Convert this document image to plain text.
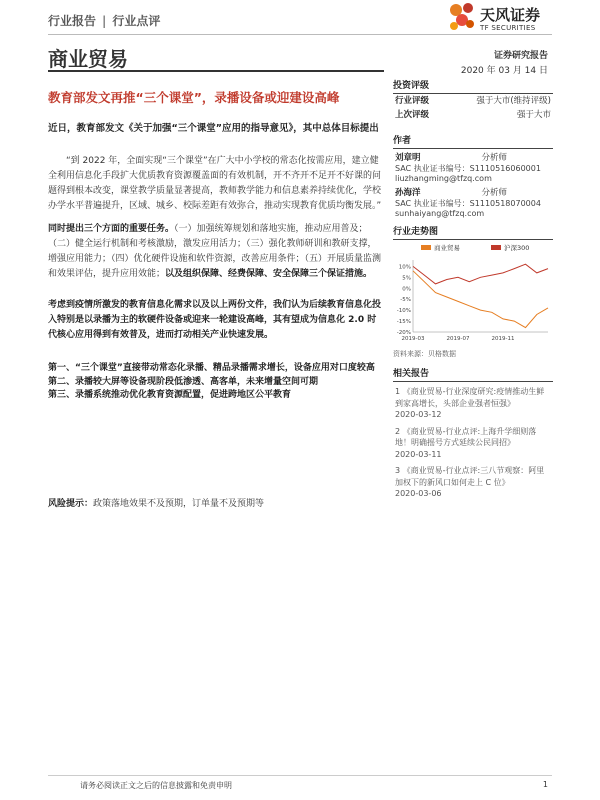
行业报告 | 行业点评	天风证券
TF SECURITIES
商业贸易	证券研究报告
2020 年 03 月 14 日
教育部发文再推“三个课堂”，录播设备或迎建设高峰
近日，教育部发文《关于加强“三个课堂”应用的指导意见》，其中总体目标提出
“到 2022 年，全面实现“三个课堂”在广大中小学校的常态化按需应用，建立健全利用信息化手段扩大优质教育资源覆盖面的有效机制，开不齐开不足开不好课的问题得到根本改变，课堂教学质量显著提高，教师教学能力和信息素养持续优化，学校办学水平普遍提升，区域、城乡、校际差距有效弥合，推动实现教育优质均衡发展。”
同时提出三个方面的重要任务。（一）加强统筹规划和落地实施，推动应用普及；（二）健全运行机制和考核激励，激发应用活力；（三）强化教师研训和教研支撑，增强应用能力；（四）优化硬件设施和软件资源，改善应用条件；（五）开展质量监测和效果评估，提升应用效能；以及组织保障、经费保障、安全保障三个保证措施。
考虑到疫情所激发的教育信息化需求以及以上两份文件，我们认为后续教育信息化投入特别是以录播为主的软硬件设备或迎来一轮建设高峰，其有望成为信息化 2.0 时代核心应用得到有效普及，进而打动相关产业快速发展。
第一、“三个课堂”直接带动常态化录播、精品录播需求增长，设备应用对口度较高
第二、录播较大屏等设备现阶段低渗透、高客单，未来增量空间可期
第三、录播系统推动优化教育资源配置，促进跨地区公平教育
风险提示：政策落地效果不及预期，订单量不及预期等
投资评级
行业评级	强于大市(维持评级)
上次评级	强于大市
作者
刘章明	分析师
SAC 执业证书编号：S1110516060001
liuzhangming@tfzq.com
孙海洋	分析师
SAC 执业证书编号：S1110518070004
sunhaiyang@tfzq.com
行业走势图
商业贸易	沪深300
10%
5%
0%
-5%
-10%
-15%
-20%
2019-03	2019-07	2019-11
资料来源：贝格数据
相关报告
1 《商业贸易-行业深度研究:疫情推动生鲜到家高增长，头部企业强者恒强》
2020-03-12
2 《商业贸易-行业点评:上海升学细则落地！明确摇号方式延续公民同招》
2020-03-11
3 《商业贸易-行业点评:三八节观察：阿里加权下的新风口如何走上 C 位》
2020-03-06
请务必阅读正文之后的信息披露和免责申明	1
